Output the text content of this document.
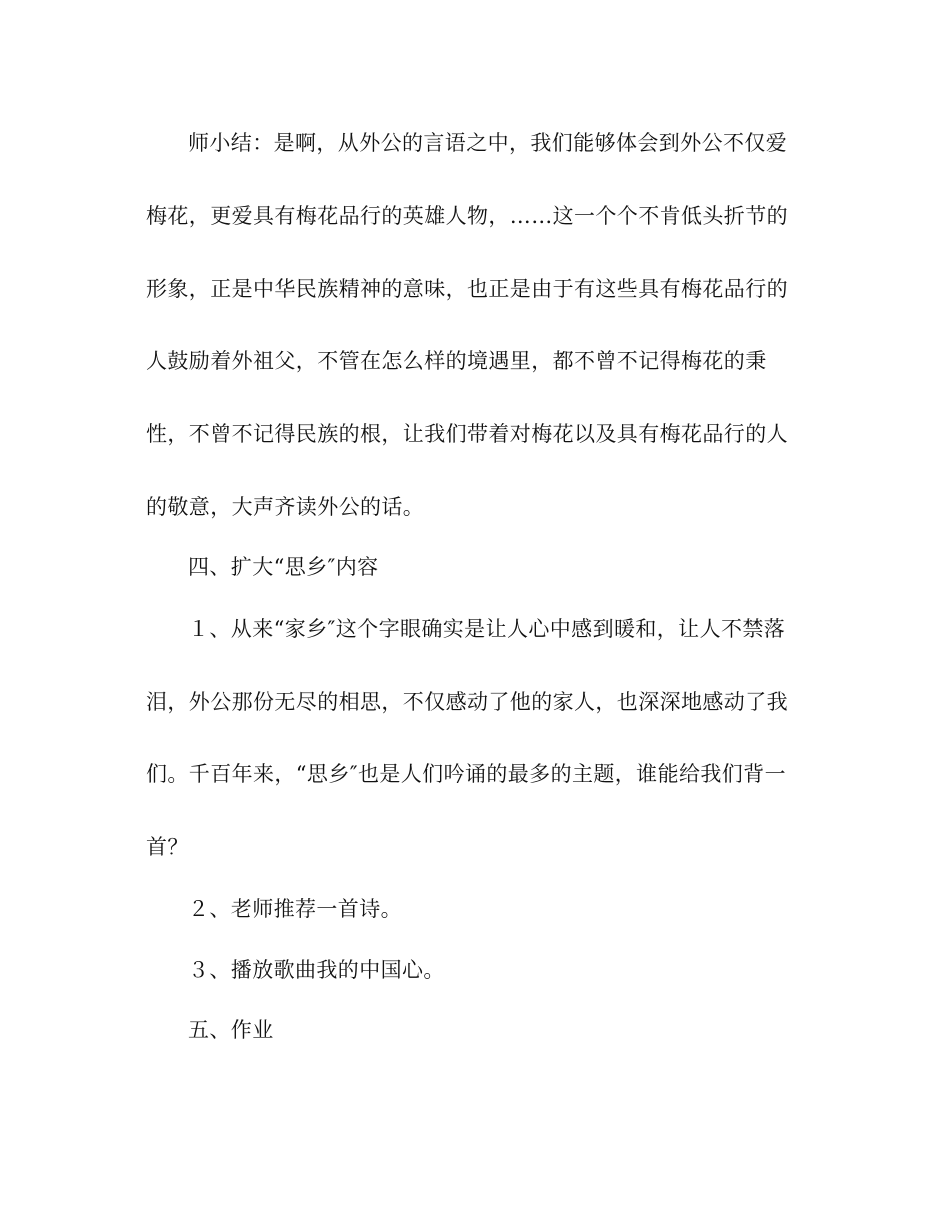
师小结：是啊，从外公的言语之中，我们能够体会到外公不仅爱
梅花，更爱具有梅花品行的英雄人物，……这一个个不肯低头折节的
形象，正是中华民族精神的意味，也正是由于有这些具有梅花品行的
人鼓励着外祖父，不管在怎么样的境遇里，都不曾不记得梅花的秉
性，不曾不记得民族的根，让我们带着对梅花以及具有梅花品行的人
的敬意，大声齐读外公的话。
四、扩大“思乡″内容
１、从来“家乡″这个字眼确实是让人心中感到暖和，让人不禁落
泪，外公那份无尽的相思，不仅感动了他的家人，也深深地感动了我
们。千百年来，“思乡″也是人们吟诵的最多的主题，谁能给我们背一
首？
２、老师推荐一首诗。
３、播放歌曲我的中国心。
五、作业
